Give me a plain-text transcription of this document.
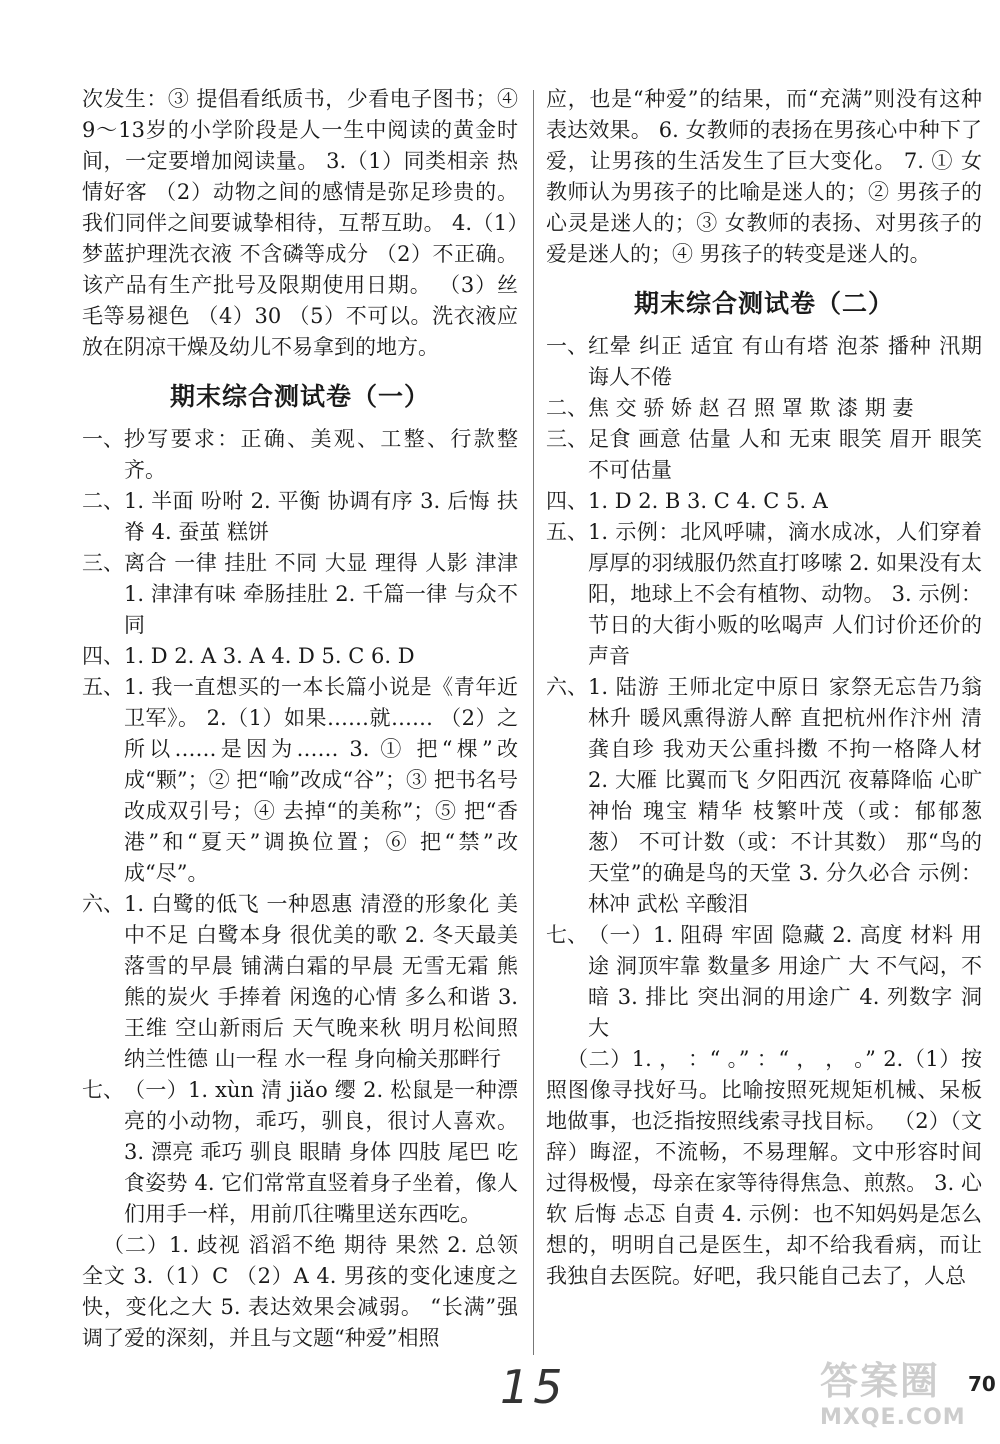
次发生：③ 提倡看纸质书，少看电子图书；④ 9～13岁的小学阶段是人一生中阅读的黄金时间，一定要增加阅读量。 3.（1）同类相亲 热情好客 （2）动物之间的感情是弥足珍贵的。我们同伴之间要诚挚相待，互帮互助。 4.（1）梦蓝护理洗衣液 不含磷等成分 （2）不正确。该产品有生产批号及限期使用日期。 （3）丝毛等易褪色 （4）30 （5）不可以。洗衣液应放在阴凉干燥及幼儿不易拿到的地方。

期末综合测试卷（一）
一、 抄写要求：正确、美观、工整、行款整齐。
二、 1. 半面 吩咐 2. 平衡 协调有序 3. 后悔 扶脊 4. 蚕茧 糕饼
三、 离合 一律 挂肚 不同 大显 理得 人影 津津 1. 津津有味 牵肠挂肚 2. 千篇一律 与众不同
四、 1. D 2. A 3. A 4. D 5. C 6. D
五、 1. 我一直想买的一本长篇小说是《青年近卫军》。 2.（1）如果……就…… （2）之所以……是因为…… 3. ① 把“棵”改成“颗”；② 把“喻”改成“谷”；③ 把书名号改成双引号；④ 去掉“的美称”；⑤ 把“香港”和“夏天”调换位置；⑥ 把“禁”改成“尽”。
六、 1. 白鹭的低飞 一种恩惠 清澄的形象化 美中不足 白鹭本身 很优美的歌 2. 冬天最美 落雪的早晨 铺满白霜的早晨 无雪无霜 熊熊的炭火 手捧着 闲逸的心情 多么和谐 3. 王维 空山新雨后 天气晚来秋 明月松间照 纳兰性德 山一程 水一程 身向榆关那畔行
七、 （一）1. xùn 清 jiǎo 缨 2. 松鼠是一种漂亮的小动物，乖巧，驯良，很讨人喜欢。 3. 漂亮 乖巧 驯良 眼睛 身体 四肢 尾巴 吃食姿势 4. 它们常常直竖着身子坐着，像人们用手一样，用前爪往嘴里送东西吃。

（二）1. 歧视 滔滔不绝 期待 果然 2. 总领全文 3.（1）C （2）A 4. 男孩的变化速度之快，变化之大 5. 表达效果会减弱。 “长满”强调了爱的深刻，并且与文题“种爱”相照

应，也是“种爱”的结果，而“充满”则没有这种表达效果。 6. 女教师的表扬在男孩心中种下了爱，让男孩的生活发生了巨大变化。 7. ① 女教师认为男孩子的比喻是迷人的；② 男孩子的心灵是迷人的；③ 女教师的表扬、对男孩子的爱是迷人的；④ 男孩子的转变是迷人的。

期末综合测试卷（二）
一、 红晕 纠正 适宜 有山有塔 泡茶 播种 汛期 诲人不倦
二、 焦 交 骄 娇 赵 召 照 罩 欺 漆 期 妻
三、 足食 画意 估量 人和 无束 眼笑 眉开 眼笑 不可估量
四、 1. D 2. B 3. C 4. C 5. A
五、 1. 示例：北风呼啸，滴水成冰，人们穿着厚厚的羽绒服仍然直打哆嗦 2. 如果没有太阳，地球上不会有植物、动物。 3. 示例：节日的大街小贩的吆喝声 人们讨价还价的声音
六、 1. 陆游 王师北定中原日 家祭无忘告乃翁 林升 暖风熏得游人醉 直把杭州作汴州 清 龚自珍 我劝天公重抖擞 不拘一格降人材 2. 大雁 比翼而飞 夕阳西沉 夜幕降临 心旷神怡 瑰宝 精华 枝繁叶茂（或：郁郁葱葱） 不可计数（或：不计其数） 那“鸟的天堂”的确是鸟的天堂 3. 分久必合 示例：林冲 武松 辛酸泪
七、 （一）1. 阻碍 牢固 隐藏 2. 高度 材料 用途 洞顶牢靠 数量多 用途广 大 不气闷，不暗 3. 排比 突出洞的用途广 4. 列数字 洞大

（二）1. ， ：“ 。” ：“ ， ， 。” 2.（1）按照图像寻找好马。比喻按照死规矩机械、呆板地做事，也泛指按照线索寻找目标。 （2）（文辞）晦涩，不流畅，不易理解。文中形容时间过得极慢，母亲在家等待得焦急、煎熬。 3. 心软 后悔 忐忑 自责 4. 示例：也不知妈妈是怎么想的，明明自己是医生，却不给我看病，而让我独自去医院。好吧，我只能自己去了，人总

15	答案圈
MXQE.COM
70
